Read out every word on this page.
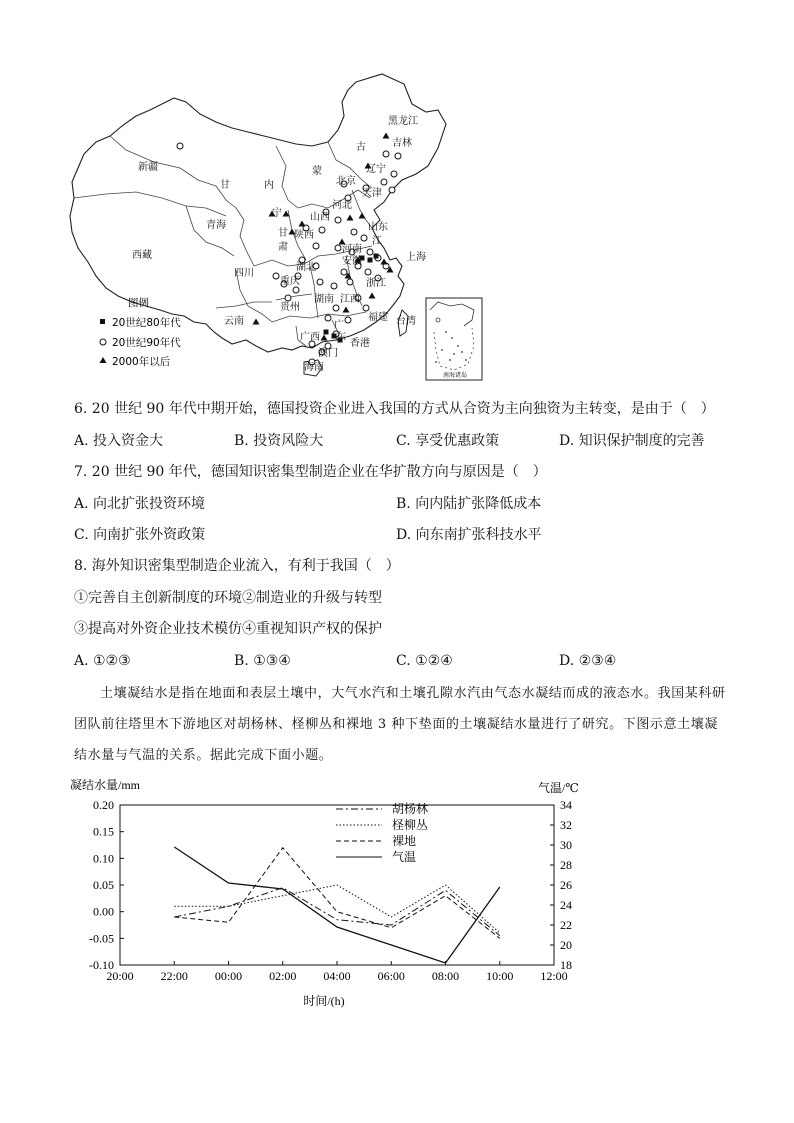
南海诸岛
黑龙江
吉林
辽宁
新疆
甘	内
蒙
古
北京
天津
河北
山西
山东
青海
宁
甘
肃
陕西
西藏
河南
江
安徽	上海
四川
湖北
重庆	浙江
湖南 江西
贵州
福建 台湾
云南
广西
广
东
香港
澳门
海南
图例
20世纪80年代
20世纪90年代
2000年以后
6. 20 世纪 90 年代中期开始，德国投资企业进入我国的方式从合资为主向独资为主转变，是由于（　）
A. 投入资金大	B. 投资风险大	C. 享受优惠政策	D. 知识保护制度的完善
7. 20 世纪 90 年代，德国知识密集型制造企业在华扩散方向与原因是（　）
A. 向北扩张投资环境	B. 向内陆扩张降低成本
C. 向南扩张外资政策	D. 向东南扩张科技水平
8. 海外知识密集型制造企业流入，有利于我国（　）
①完善自主创新制度的环境②制造业的升级与转型
③提高对外资企业技术模仿④重视知识产权的保护
A. ①②③	B. ①③④	C. ①②④	D. ②③④
土壤凝结水是指在地面和表层土壤中，大气水汽和土壤孔隙水汽由气态水凝结而成的液态水。我国某科研团队前往塔里木下游地区对胡杨林、柽柳丛和裸地 3 种下垫面的土壤凝结水量进行了研究。下图示意土壤凝结水量与气温的关系。据此完成下面小题。
凝结水量/mm	气温/℃
时间/(h)
20:00 22:00 00:00 02:00 04:00 06:00 08:00 10:00 12:00
0.20
0.15
0.10
0.05
0.00
-0.05
-0.10
34
32
30
28
26
24
22
20
18
胡杨林
柽柳丛
裸地
气温
